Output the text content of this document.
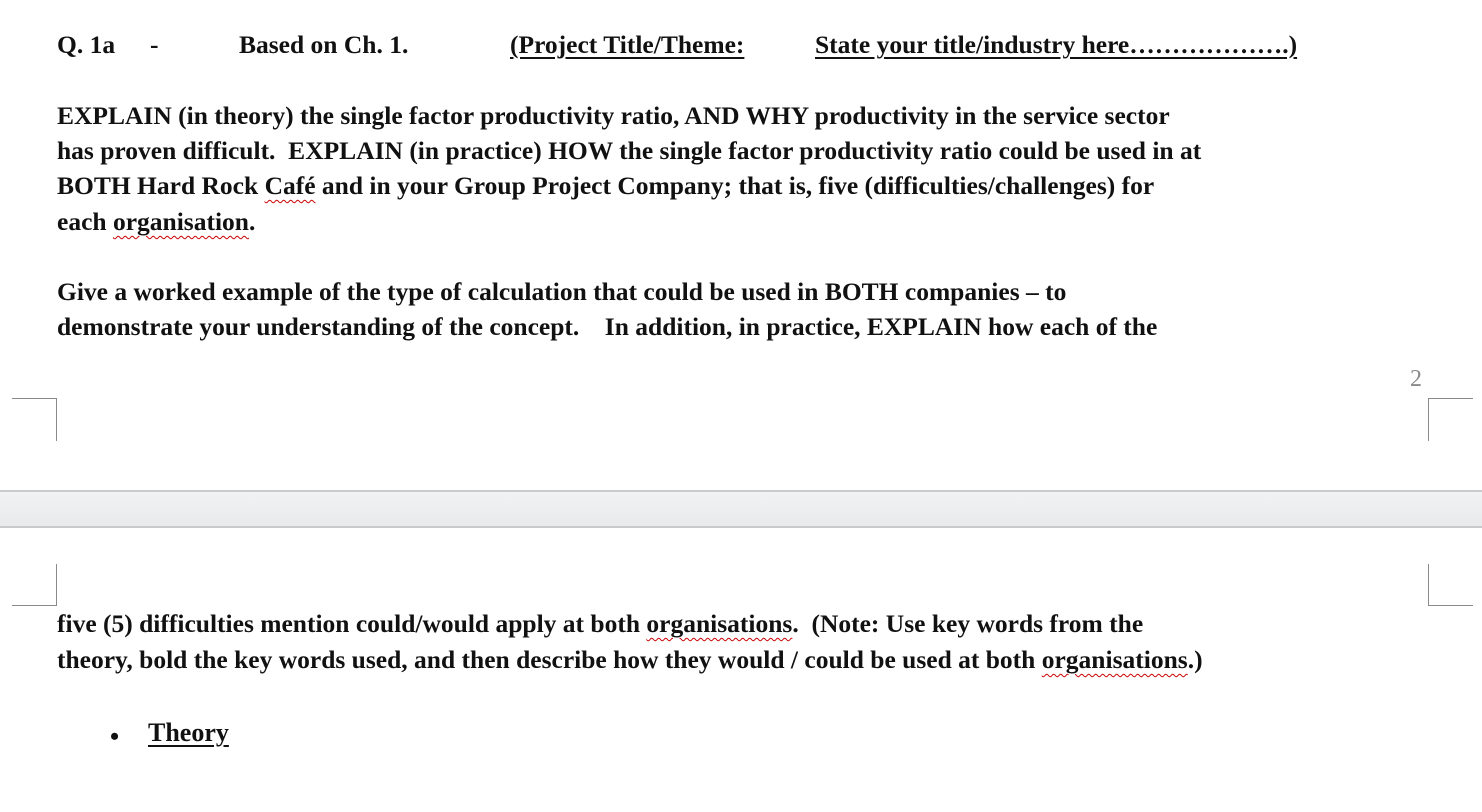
Q. 1a -	Based on Ch. 1.	(Project Title/Theme:	State your title/industry here……………….)
EXPLAIN (in theory) the single factor productivity ratio, AND WHY productivity in the service sector
has proven difficult.  EXPLAIN (in practice) HOW the single factor productivity ratio could be used in at
BOTH Hard Rock Café and in your Group Project Company; that is, five (difficulties/challenges) for
each organisation.
Give a worked example of the type of calculation that could be used in BOTH companies – to
demonstrate your understanding of the concept.    In addition, in practice, EXPLAIN how each of the
2
five (5) difficulties mention could/would apply at both organisations.  (Note: Use key words from the
theory, bold the key words used, and then describe how they would / could be used at both organisations.)
• Theory
